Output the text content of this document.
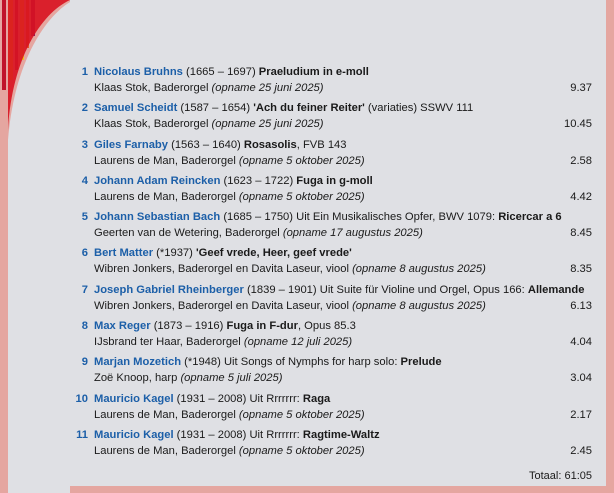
1 Nicolaus Bruhns (1665 – 1697) Praeludium in e-moll
Klaas Stok, Baderorgel (opname 25 juni 2025)	9.37
2 Samuel Scheidt (1587 – 1654) 'Ach du feiner Reiter' (variaties) SSWV 111
Klaas Stok, Baderorgel (opname 25 juni 2025)	10.45
3 Giles Farnaby (1563 – 1640) Rosasolis, FVB 143
Laurens de Man, Baderorgel (opname 5 oktober 2025)	2.58
4 Johann Adam Reincken (1623 – 1722) Fuga in g-moll
Laurens de Man, Baderorgel (opname 5 oktober 2025)	4.42
5 Johann Sebastian Bach (1685 – 1750) Uit Ein Musikalisches Opfer, BWV 1079: Ricercar a 6
Geerten van de Wetering, Baderorgel (opname 17 augustus 2025)	8.45
6 Bert Matter (*1937) 'Geef vrede, Heer, geef vrede'
Wibren Jonkers, Baderorgel en Davita Laseur, viool (opname 8 augustus 2025)	8.35
7 Joseph Gabriel Rheinberger (1839 – 1901) Uit Suite für Violine und Orgel, Opus 166: Allemande
Wibren Jonkers, Baderorgel en Davita Laseur, viool (opname 8 augustus 2025)	6.13
8 Max Reger (1873 – 1916) Fuga in F-dur, Opus 85.3
IJsbrand ter Haar, Baderorgel (opname 12 juli 2025)	4.04
9 Marjan Mozetich (*1948) Uit Songs of Nymphs for harp solo: Prelude
Zoë Knoop, harp (opname 5 juli 2025)	3.04
10 Mauricio Kagel (1931 – 2008) Uit Rrrrrrr: Raga
Laurens de Man, Baderorgel (opname 5 oktober 2025)	2.17
11 Mauricio Kagel (1931 – 2008) Uit Rrrrrrr: Ragtime-Waltz
Laurens de Man, Baderorgel (opname 5 oktober 2025)	2.45
Totaal: 61:05
